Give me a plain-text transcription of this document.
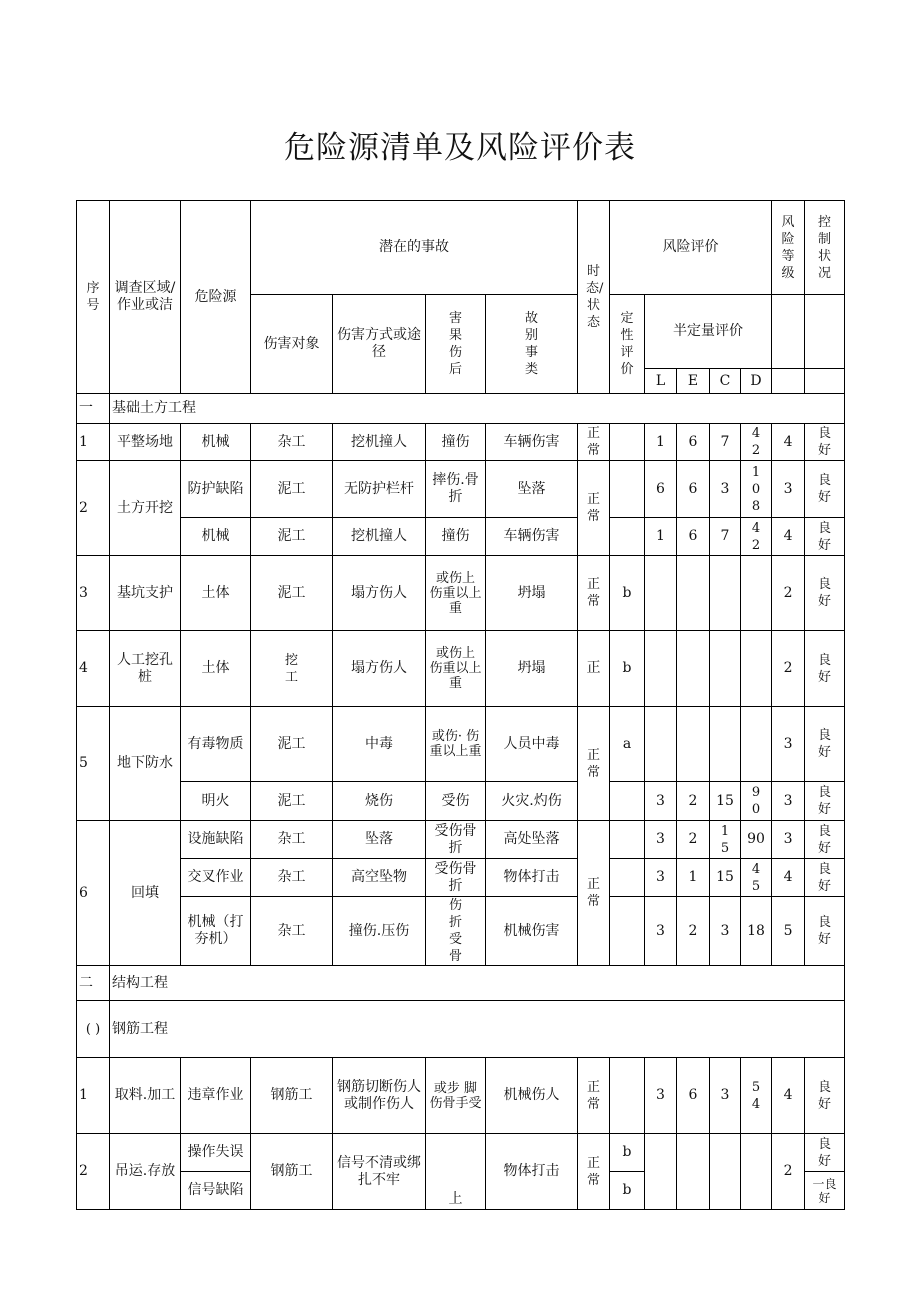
危险源清单及风险评价表
序号	调查区域/作业或洁	危险源	潜在的事故				时态/状态	风险评价					风险等级	控制状况

			伤害对象	伤害方式或途径	害果伤后	故别事类		定性评价	半定量评价					
									L	E	C	D		
一	基础土方工程													
1	平整场地	机械	杂工	挖机撞人	撞伤	车辆伤害	正常		1	6	7	42	4	良好

2	土方开挖	防护缺陷	泥工	无防护栏杆	摔伤.骨折	坠落	正常		6	6	3	108	3	良好

		机械	泥工	挖机撞人	撞伤	车辆伤害			1	6	7	42	4	良好

3	基坑支护	土体	泥工	塌方伤人	或伤上 伤重以上重	坍塌	正常	b					2	良好

4	人工挖孔桩	土体	挖工	塌方伤人	或伤上 伤重以上重	坍塌	正	b					2	良好

5	地下防水	有毒物质	泥工	中毒	或伤· 伤重以上重	人员中毒	正常	a					3	良好

		明火	泥工	烧伤	受伤	火灾.灼伤			3	2	15	90	3	良好

6	回填	设施缺陷	杂工	坠落	受伤骨折	高处坠落	正常		3	2	15	90	3	良好

		交叉作业	杂工	高空坠物	受伤骨折	物体打击			3	1	15	45	4	良好

		机械（打夯机）	杂工	撞伤.压伤	伤折受骨	机械伤害			3	2	3	18	5	良好

二	结构工程													

( )	钢筋工程													
1	取料.加工	违章作业	钢筋工	钢筋切断伤人或制作伤人	或步 脚伤骨手受	机械伤人	正常		3	6	3	54	4	良好

2	吊运.存放	操作失误	钢筋工	信号不清或绑扎不牢	上	物体打击	正常	b					2	良好

		信号缺陷						b						一良好
